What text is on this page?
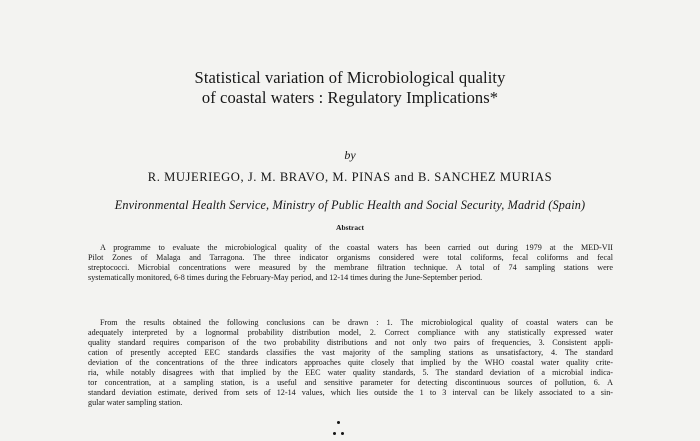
Statistical variation of Microbiological quality
of coastal waters : Regulatory Implications*
by
R. MUJERIEGO, J. M. BRAVO, M. PINAS and B. SANCHEZ MURIAS
Environmental Health Service, Ministry of Public Health and Social Security, Madrid (Spain)
Abstract
A programme to evaluate the microbiological quality of the coastal waters has been carried out during 1979 at the MED-VII
Pilot Zones of Malaga and Tarragona. The three indicator organisms considered were total coliforms, fecal coliforms and fecal
streptococci. Microbial concentrations were measured by the membrane filtration technique. A total of 74 sampling stations were
systematically monitored, 6-8 times during the February-May period, and 12-14 times during the June-September period.
From the results obtained the following conclusions can be drawn : 1. The microbiological quality of coastal waters can be
adequately interpreted by a lognormal probability distribution model, 2. Correct compliance with any statistically expressed water
quality standard requires comparison of the two probability distributions and not only two pairs of frequencies, 3. Consistent appli-
cation of presently accepted EEC standards classifies the vast majority of the sampling stations as unsatisfactory, 4. The standard
deviation of the concentrations of the three indicators approaches quite closely that implied by the WHO coastal water quality crite-
ria, while notably disagrees with that implied by the EEC water quality standards, 5. The standard deviation of a microbial indica-
tor concentration, at a sampling station, is a useful and sensitive parameter for detecting discontinuous sources of pollution, 6. A
standard deviation estimate, derived from sets of 12-14 values, which lies outside the 1 to 3 interval can be likely associated to a sin-
gular water sampling station.
